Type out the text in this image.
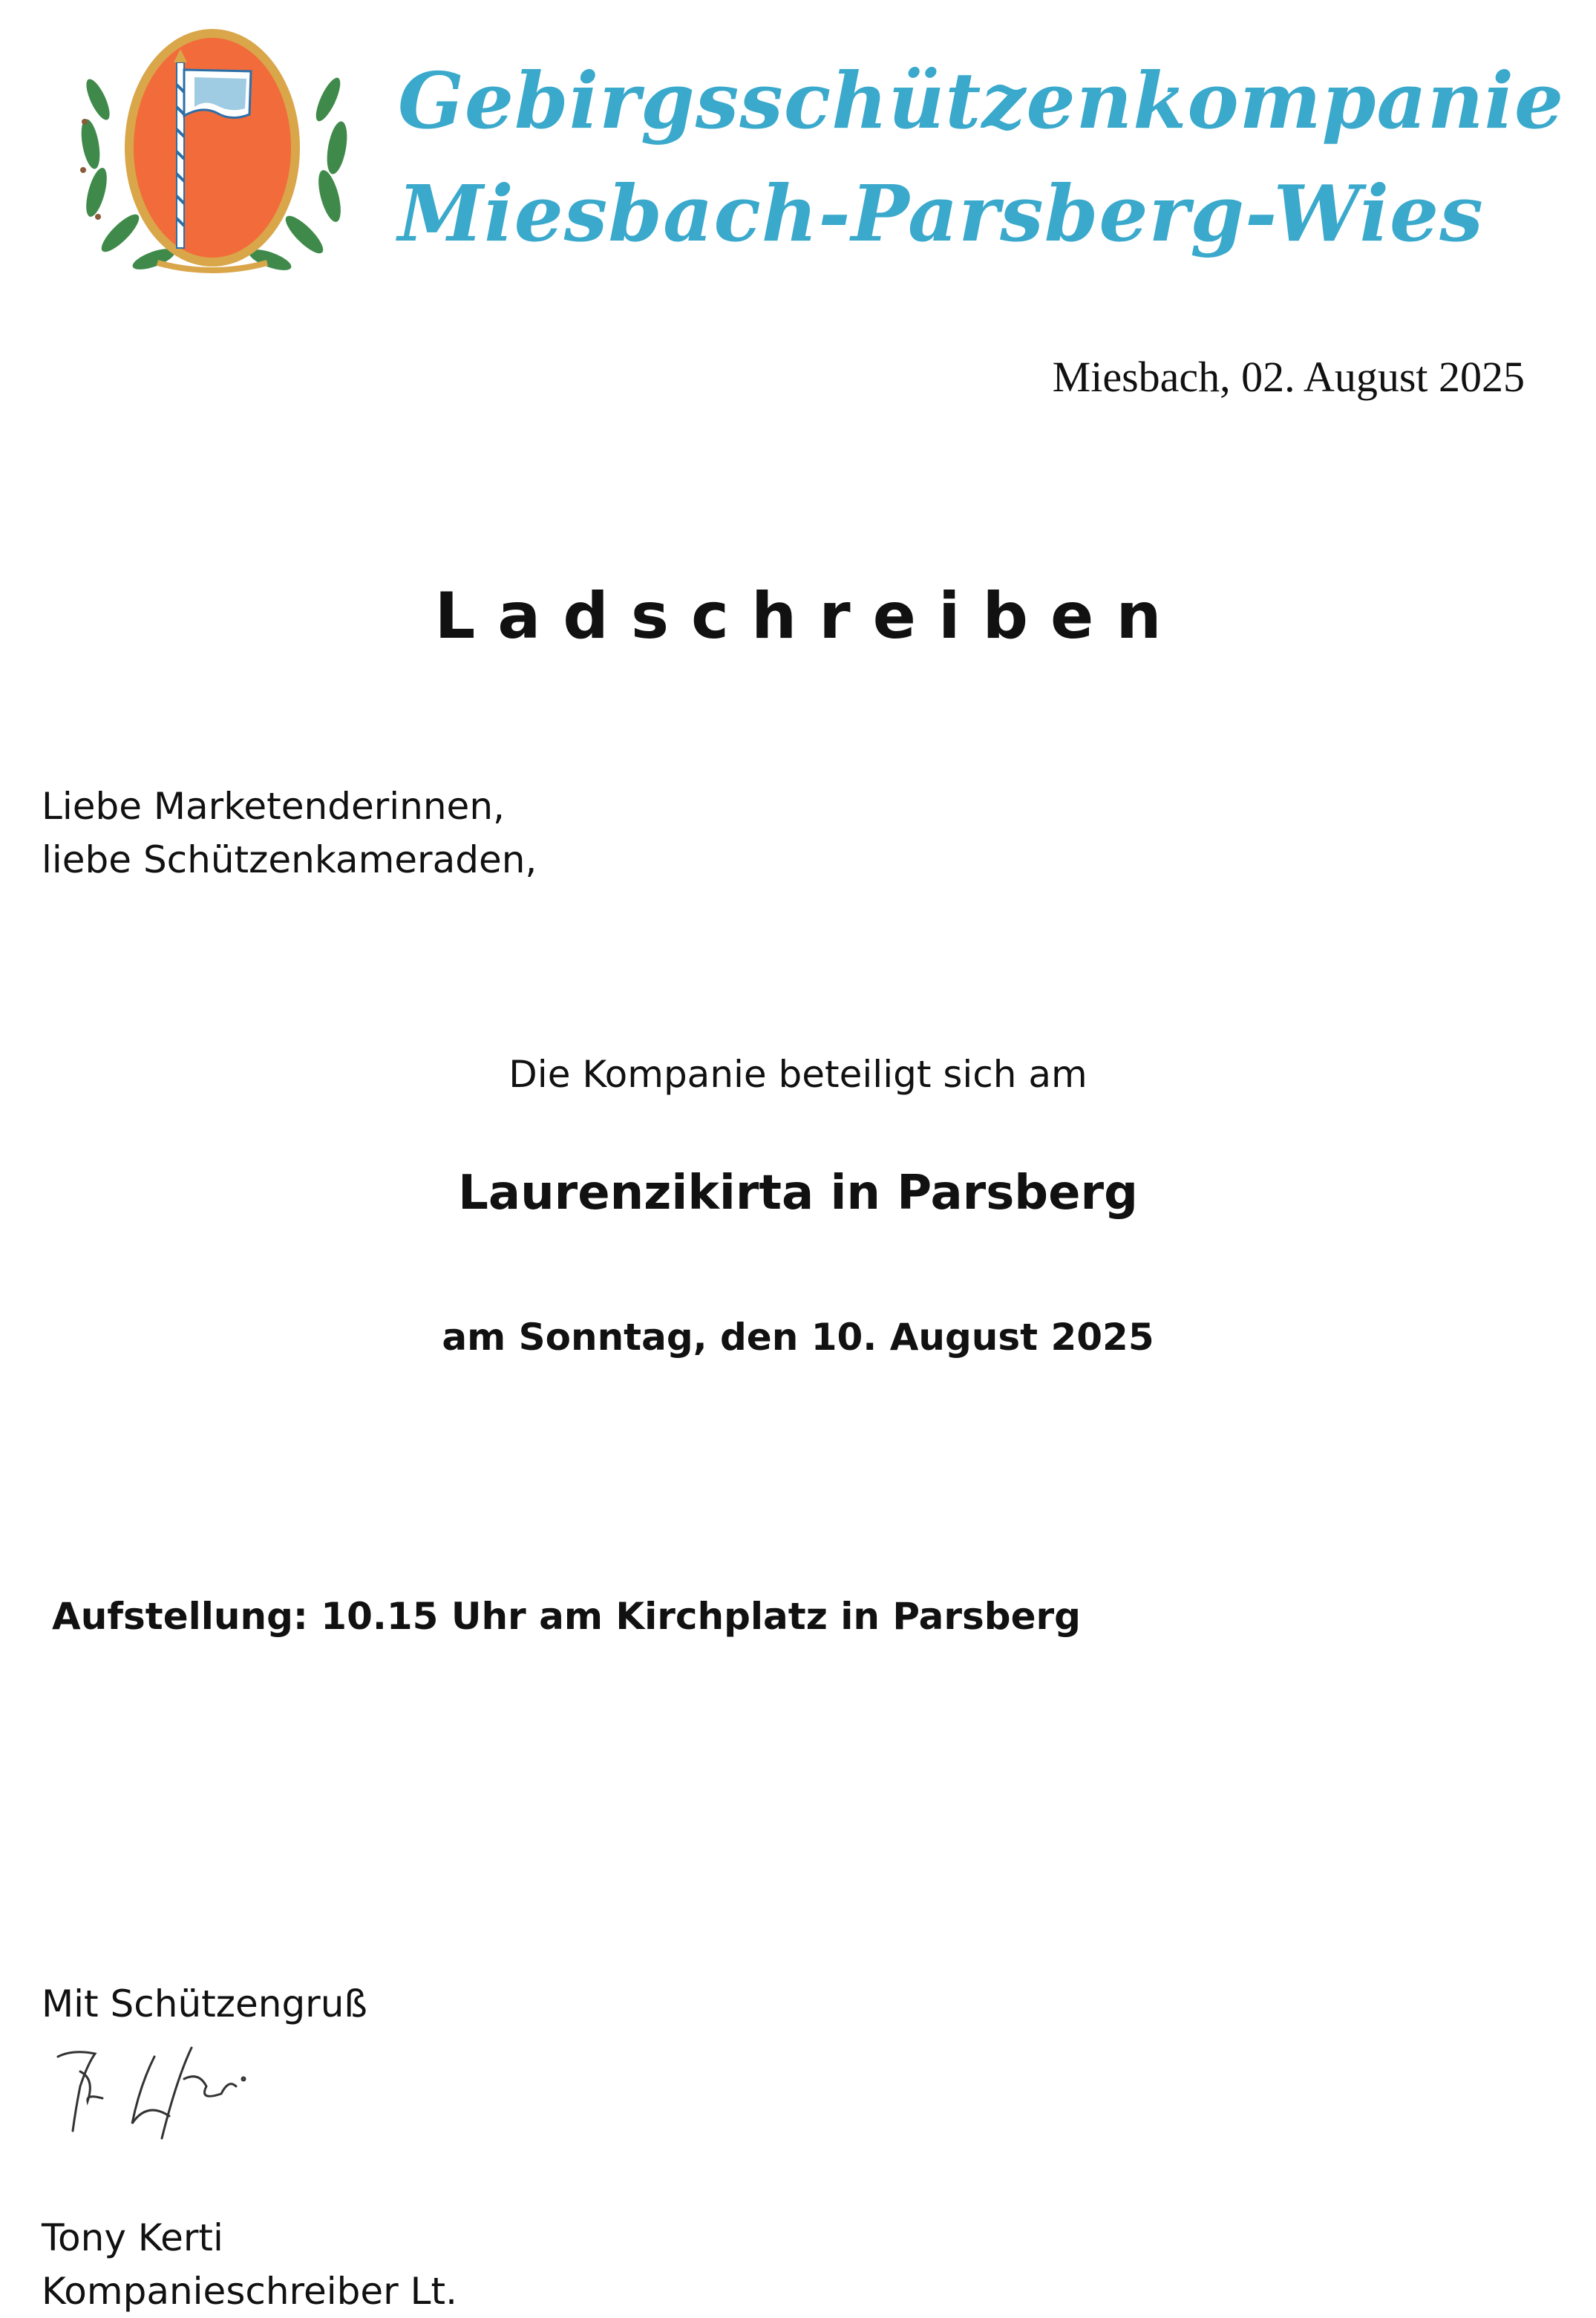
Gebirgsschützenkompanie
Miesbach-Parsberg-Wies
Miesbach, 02. August 2025
Ladschreiben
Liebe Marketenderinnen,
liebe Schützenkameraden,
Die Kompanie beteiligt sich am
Laurenzikirta in Parsberg
am Sonntag, den 10. August 2025
Aufstellung: 10.15 Uhr am Kirchplatz in Parsberg
Mit Schützengruß
Tony Kerti
Kompanieschreiber Lt.
